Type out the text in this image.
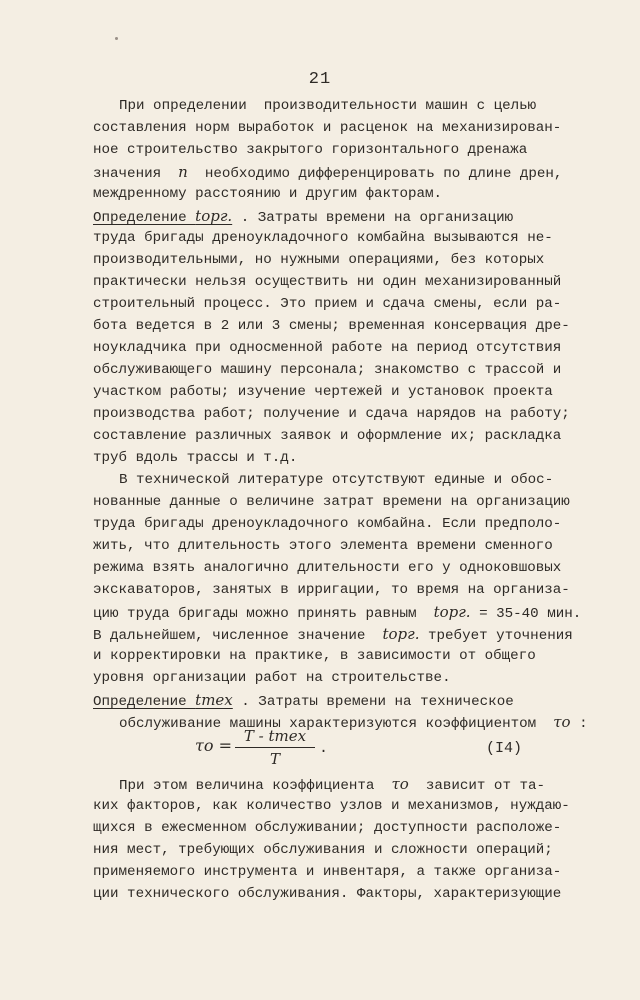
21
При определении  производительности машин с целью
составления норм выработок и расценок на механизирован-
ное строительство закрытого горизонтального дренажа
значения  n  необходимо дифференцировать по длине дрен,
междренному расстоянию и другим факторам.
Определение tорг. . Затраты времени на организацию
труда бригады дреноукладочного комбайна вызываются не-
производительными, но нужными операциями, без которых
практически нельзя осуществить ни один механизированный
строительный процесс. Это прием и сдача смены, если ра-
бота ведется в 2 или 3 смены; временная консервация дре-
ноукладчика при односменной работе на период отсутствия
обслуживающего машину персонала; знакомство с трассой и
участком работы; изучение чертежей и установок проекта
производства работ; получение и сдача нарядов на работу;
составление различных заявок и оформление их; раскладка
труб вдоль трассы и т.д.
В технической литературе отсутствуют единые и обос-
нованные данные о величине затрат времени на организацию
труда бригады дреноукладочного комбайна. Если предполо-
жить, что длительность этого элемента времени сменного
режима взять аналогично длительности его у одноковшовых
экскаваторов, занятых в ирригации, то время на организа-
цию труда бригады можно принять равным  tорг. = 35-40 мин.
В дальнейшем, численное значение  tорг. требует уточнения
и корректировки на практике, в зависимости от общего
уровня организации работ на строительстве.
Определение tтех . Затраты времени на техническое
обслуживание машины характеризуются коэффициентом  τo :
При этом величина коэффициента  τo  зависит от та-
ких факторов, как количество узлов и механизмов, нуждаю-
щихся в ежесменном обслуживании; доступности расположе-
ния мест, требующих обслуживания и сложности операций;
применяемого инструмента и инвентаря, а также организа-
ции технического обслуживания. Факторы, характеризующие
τo = T - tтех
T
.	(I4)
